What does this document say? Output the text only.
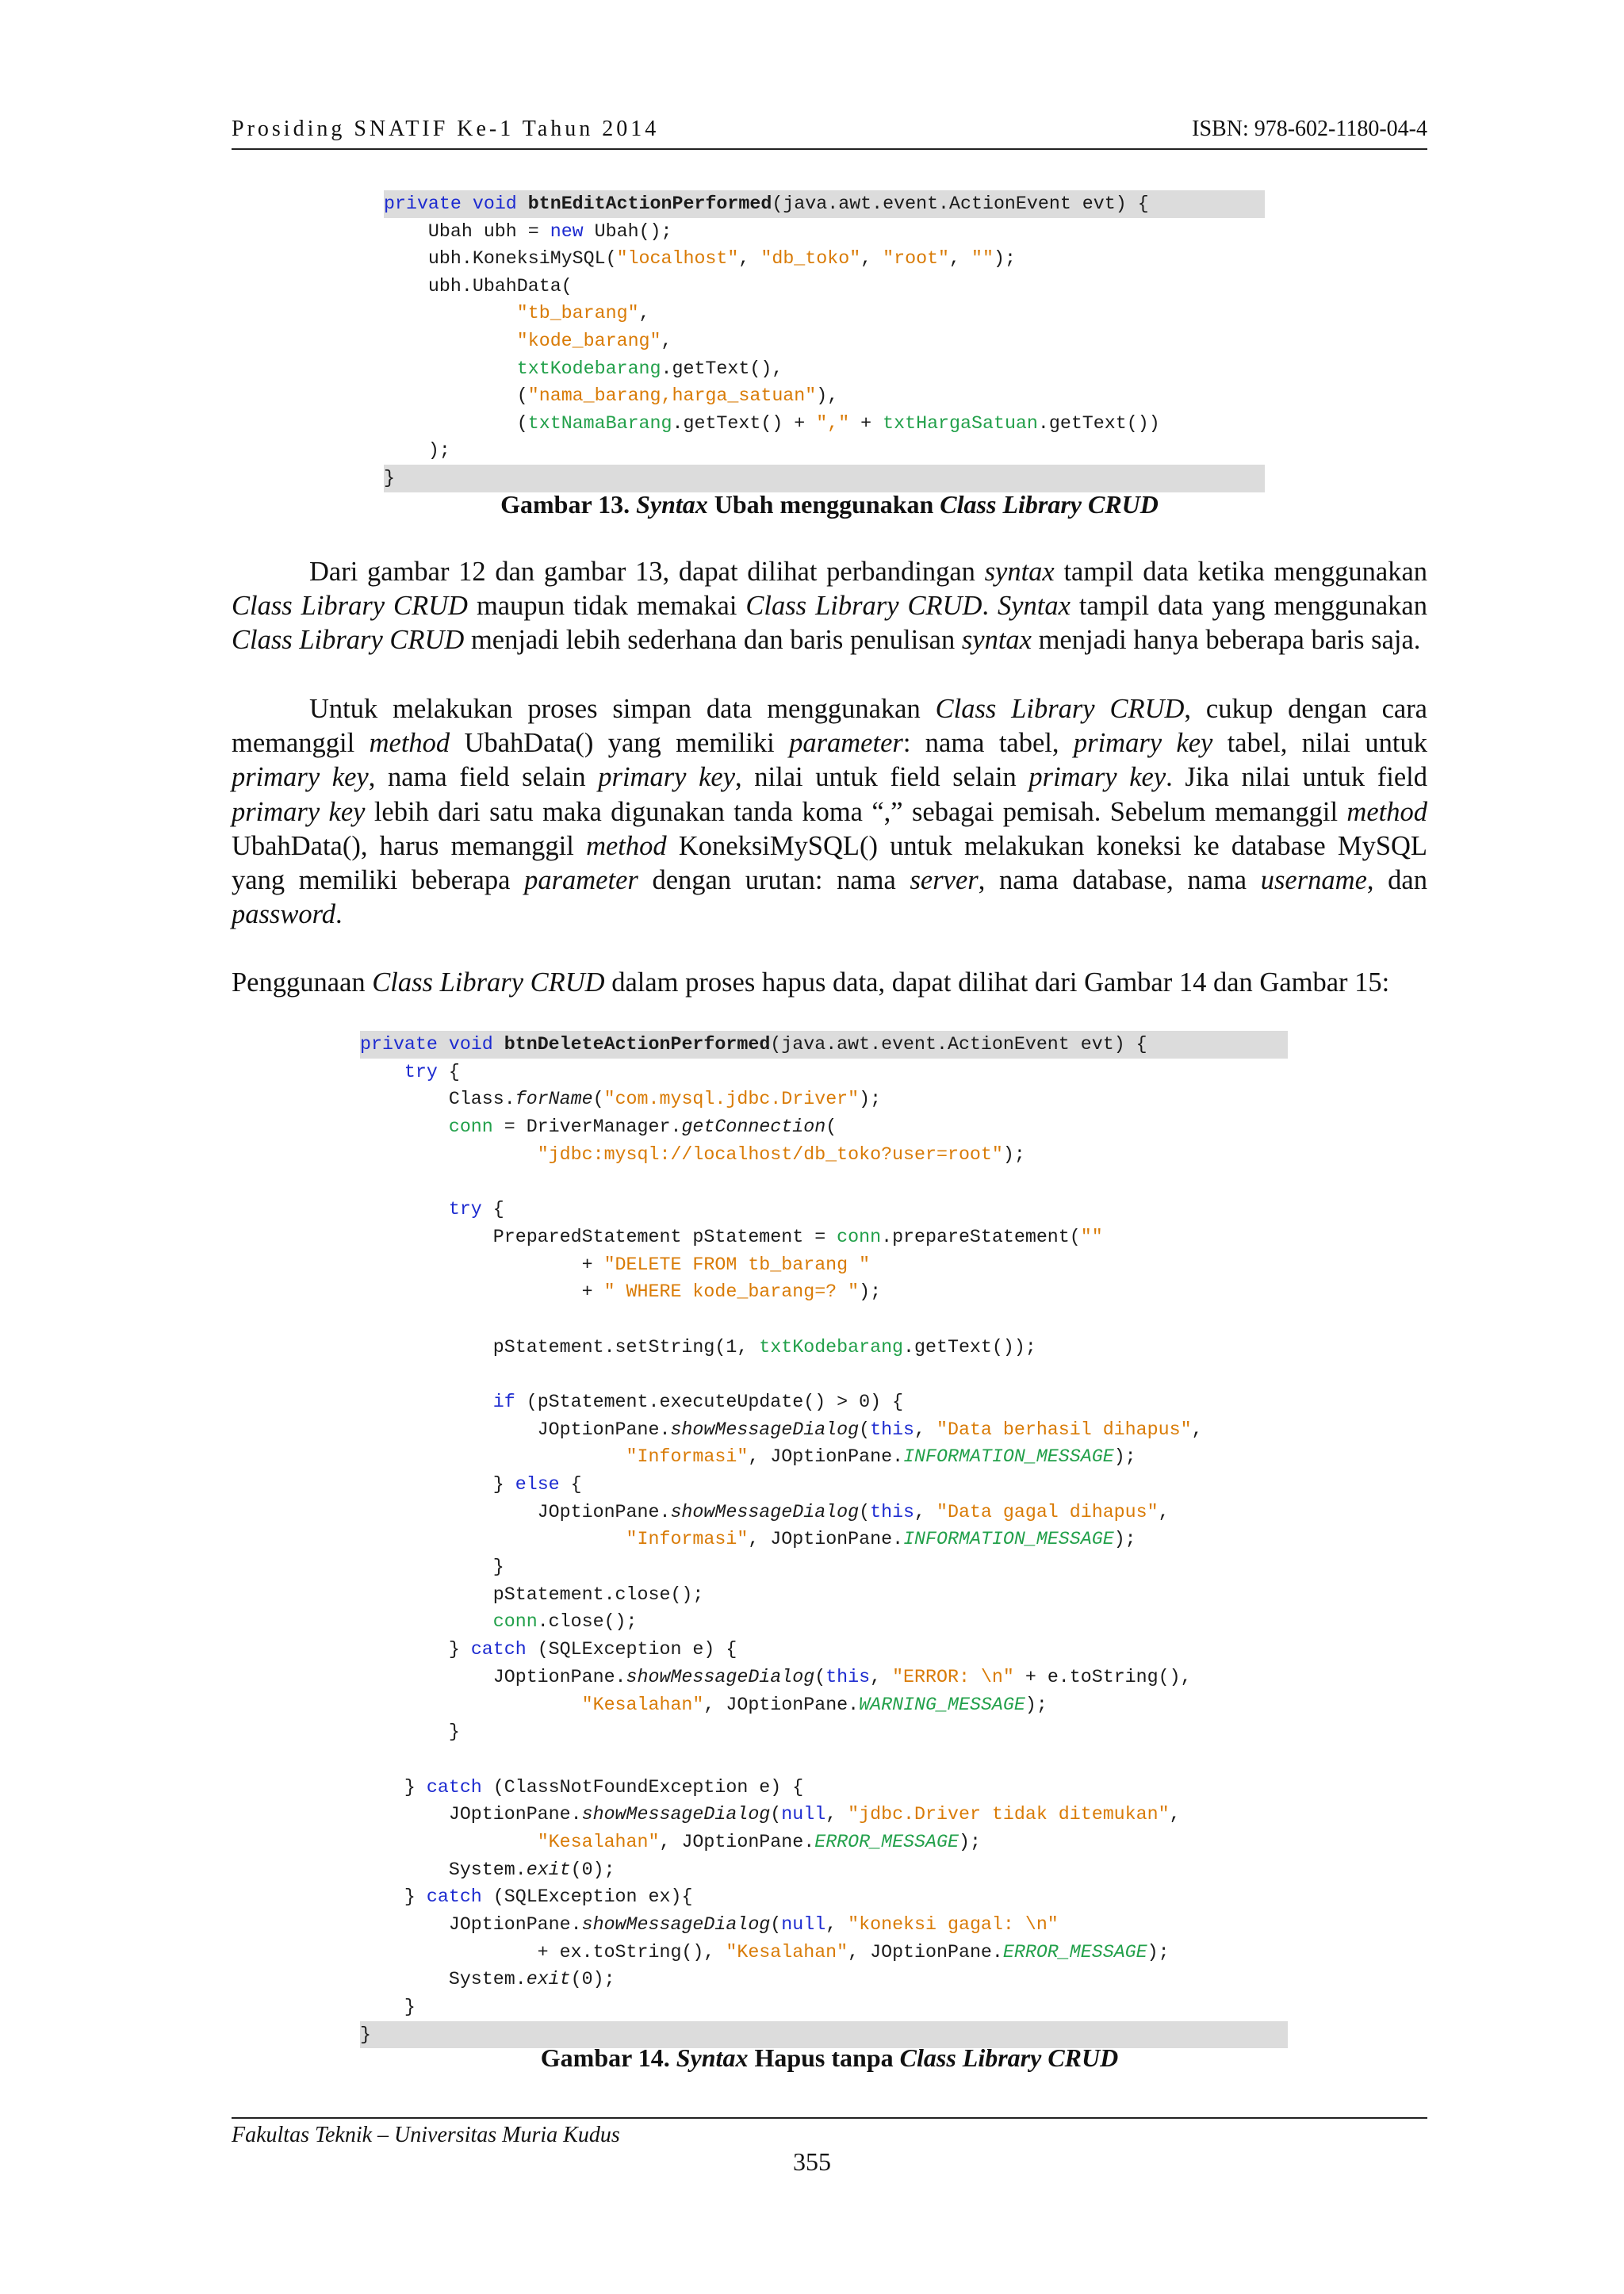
Prosiding SNATIF Ke-1 Tahun 2014	ISBN: 978-602-1180-04-4
private void btnEditActionPerformed(java.awt.event.ActionEvent evt) {
Ubah ubh = new Ubah();
ubh.KoneksiMySQL("localhost", "db_toko", "root", "");
ubh.UbahData(
"tb_barang",
"kode_barang",
txtKodebarang.getText(),
("nama_barang,harga_satuan"),
(txtNamaBarang.getText() + "," + txtHargaSatuan.getText())
);
}
Gambar 13. Syntax Ubah menggunakan Class Library CRUD

Dari gambar 12 dan gambar 13, dapat dilihat perbandingan syntax tampil data ketika menggunakan Class Library CRUD maupun tidak memakai Class Library CRUD. Syntax tampil data yang menggunakan Class Library CRUD menjadi lebih sederhana dan baris penulisan syntax menjadi hanya beberapa baris saja.

Untuk melakukan proses simpan data menggunakan Class Library CRUD, cukup dengan cara memanggil method UbahData() yang memiliki parameter: nama tabel, primary key tabel, nilai untuk primary key, nama field selain primary key, nilai untuk field selain primary key. Jika nilai untuk field primary key lebih dari satu maka digunakan tanda koma “,” sebagai pemisah. Sebelum memanggil method UbahData(), harus memanggil method KoneksiMySQL() untuk melakukan koneksi ke database MySQL yang memiliki beberapa parameter dengan urutan: nama server, nama database, nama username, dan password.

Penggunaan Class Library CRUD dalam proses hapus data, dapat dilihat dari Gambar 14 dan Gambar 15:

private void btnDeleteActionPerformed(java.awt.event.ActionEvent evt) {
try {
Class.forName("com.mysql.jdbc.Driver");
conn = DriverManager.getConnection(
"jdbc:mysql://localhost/db_toko?user=root");
try {
PreparedStatement pStatement = conn.prepareStatement(""
+ "DELETE FROM tb_barang "
+ " WHERE kode_barang=? ");
pStatement.setString(1, txtKodebarang.getText());
if (pStatement.executeUpdate() > 0) {
JOptionPane.showMessageDialog(this, "Data berhasil dihapus",
"Informasi", JOptionPane.INFORMATION_MESSAGE);
} else {
JOptionPane.showMessageDialog(this, "Data gagal dihapus",
"Informasi", JOptionPane.INFORMATION_MESSAGE);
}
pStatement.close();
conn.close();
} catch (SQLException e) {
JOptionPane.showMessageDialog(this, "ERROR: \n" + e.toString(),
"Kesalahan", JOptionPane.WARNING_MESSAGE);
}
} catch (ClassNotFoundException e) {
JOptionPane.showMessageDialog(null, "jdbc.Driver tidak ditemukan",
"Kesalahan", JOptionPane.ERROR_MESSAGE);
System.exit(0);
} catch (SQLException ex){
JOptionPane.showMessageDialog(null, "koneksi gagal: \n"
+ ex.toString(), "Kesalahan", JOptionPane.ERROR_MESSAGE);
System.exit(0);
}
}
Gambar 14. Syntax Hapus tanpa Class Library CRUD
Fakultas Teknik – Universitas Muria Kudus
355
